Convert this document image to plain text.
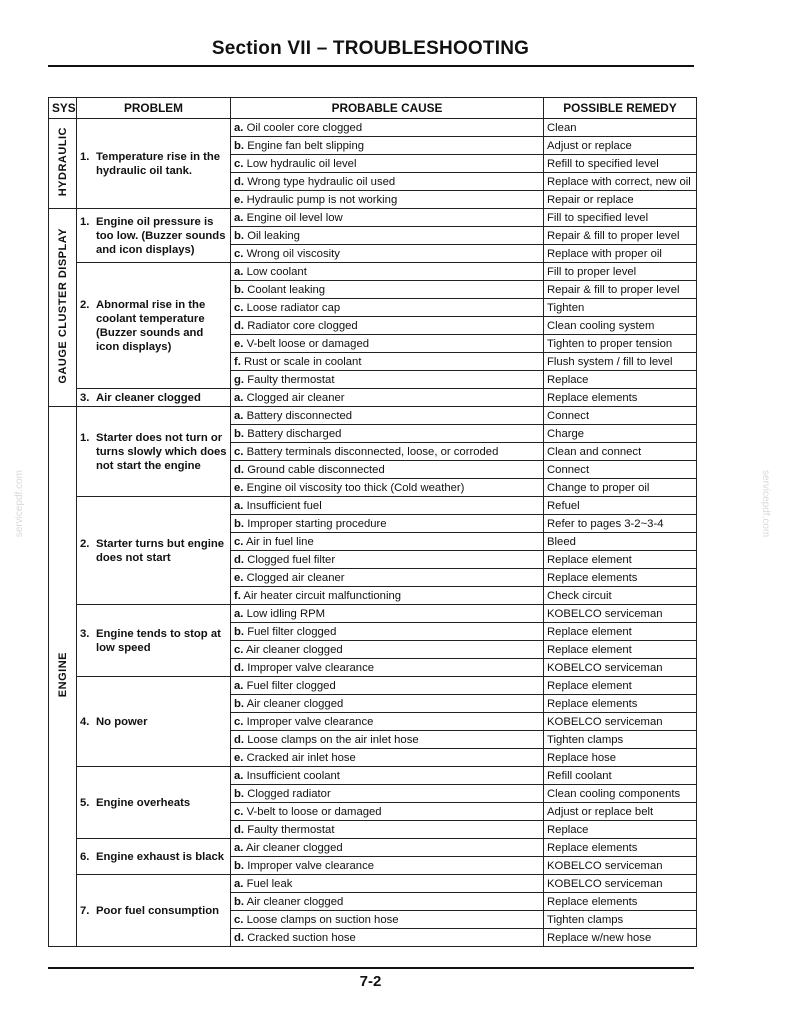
Section VII – TROUBLESHOOTING
servicepdf.com	servicepdf.com
SYS	PROBLEM	PROBABLE CAUSE	POSSIBLE REMEDY
HYDRAULIC	1. Temperature rise in the hydraulic oil tank.	a. Oil cooler core clogged	Clean
		b. Engine fan belt slipping	Adjust or replace
		c. Low hydraulic oil level	Refill to specified level
		d. Wrong type hydraulic oil used	Replace with correct, new oil
		e. Hydraulic pump is not working	Repair or replace
GAUGE CLUSTER DISPLAY	1. Engine oil pressure is too low. (Buzzer sounds and icon displays)	a. Engine oil level low	Fill to specified level
		b. Oil leaking	Repair & fill to proper level
		c. Wrong oil viscosity	Replace with proper oil

	2. Abnormal rise in the coolant temperature (Buzzer sounds and icon displays)	a. Low coolant	Fill to proper level
		b. Coolant leaking	Repair & fill to proper level
		c. Loose radiator cap	Tighten
		d. Radiator core clogged	Clean cooling system
		e. V-belt loose or damaged	Tighten to proper tension
		f. Rust or scale in coolant	Flush system / fill to level
		g. Faulty thermostat	Replace

	3. Air cleaner clogged	a. Clogged air cleaner	Replace elements
ENGINE	1. Starter does not turn or turns slowly which does not start the engine	a. Battery disconnected	Connect
		b. Battery discharged	Charge
		c. Battery terminals disconnected, loose, or corroded	Clean and connect
		d. Ground cable disconnected	Connect
		e. Engine oil viscosity too thick (Cold weather)	Change to proper oil

	2. Starter turns but engine does not start	a. Insufficient fuel	Refuel
		b. Improper starting procedure	Refer to pages 3-2~3-4
		c. Air in fuel line	Bleed
		d. Clogged fuel filter	Replace element
		e. Clogged air cleaner	Replace elements
		f. Air heater circuit malfunctioning	Check circuit

	3. Engine tends to stop at low speed	a. Low idling RPM	KOBELCO serviceman
		b. Fuel filter clogged	Replace element
		c. Air cleaner clogged	Replace element
		d. Improper valve clearance	KOBELCO serviceman

	4. No power	a. Fuel filter clogged	Replace element
		b. Air cleaner clogged	Replace elements
		c. Improper valve clearance	KOBELCO serviceman
		d. Loose clamps on the air inlet hose	Tighten clamps
		e. Cracked air inlet hose	Replace hose

	5. Engine overheats	a. Insufficient coolant	Refill coolant
		b. Clogged radiator	Clean cooling components
		c. V-belt to loose or damaged	Adjust or replace belt
		d. Faulty thermostat	Replace

	6. Engine exhaust is black	a. Air cleaner clogged	Replace elements
		b. Improper valve clearance	KOBELCO serviceman

	7. Poor fuel consumption	a. Fuel leak	KOBELCO serviceman
		b. Air cleaner clogged	Replace elements
		c. Loose clamps on suction hose	Tighten clamps
		d. Cracked suction hose	Replace w/new hose
7-2
